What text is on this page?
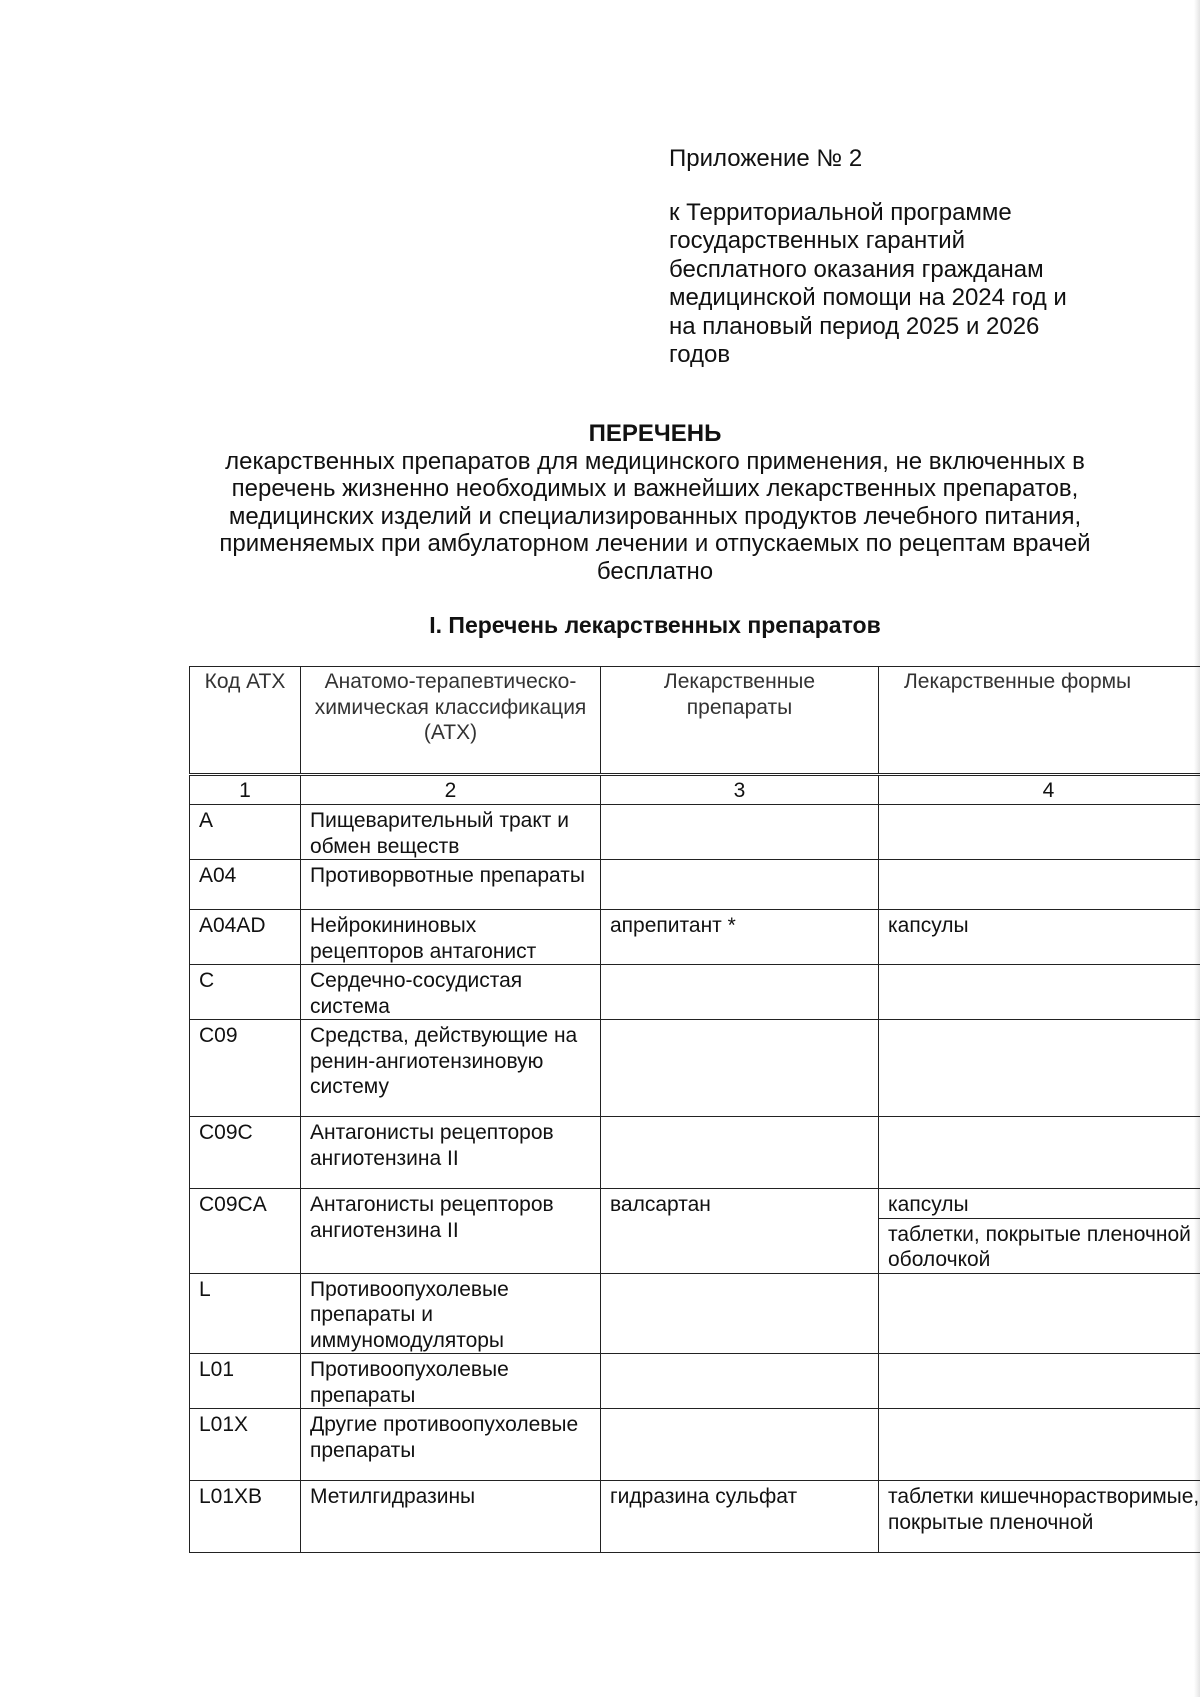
Приложение № 2

к Территориальной программе государственных гарантий бесплатного оказания гражданам медицинской помощи на 2024 год и на плановый период 2025 и 2026 годов

ПЕРЕЧЕНЬ

лекарственных препаратов для медицинского применения, не включенных в перечень жизненно необходимых и важнейших лекарственных препаратов, медицинских изделий и специализированных продуктов лечебного питания, применяемых при амбулаторном лечении и отпускаемых по рецептам врачей бесплатно

I. Перечень лекарственных препаратов
Код АТХ	Анатомо-терапевтическо-химическая классификация (АТХ)	Лекарственные препараты	Лекарственные формы
1	2	3	4
A	Пищеварительный тракт и обмен веществ		

A04	Противорвотные препараты		

A04AD	Нейрокининовых рецепторов антагонист	апрепитант *	капсулы

C	Сердечно-сосудистая система		

C09	Средства, действующие на ренин-ангиотензиновую систему		

C09C	Антагонисты рецепторов ангиотензина II		

C09CA	Антагонисты рецепторов ангиотензина II	валсартан	капсулы
таблетки, покрытые пленочной оболочкой

L	Противоопухолевые препараты и иммуномодуляторы		

L01	Противоопухолевые препараты		

L01X	Другие противоопухолевые препараты		

L01XB	Метилгидразины	гидразина сульфат	таблетки кишечнорастворимые, покрытые пленочной
